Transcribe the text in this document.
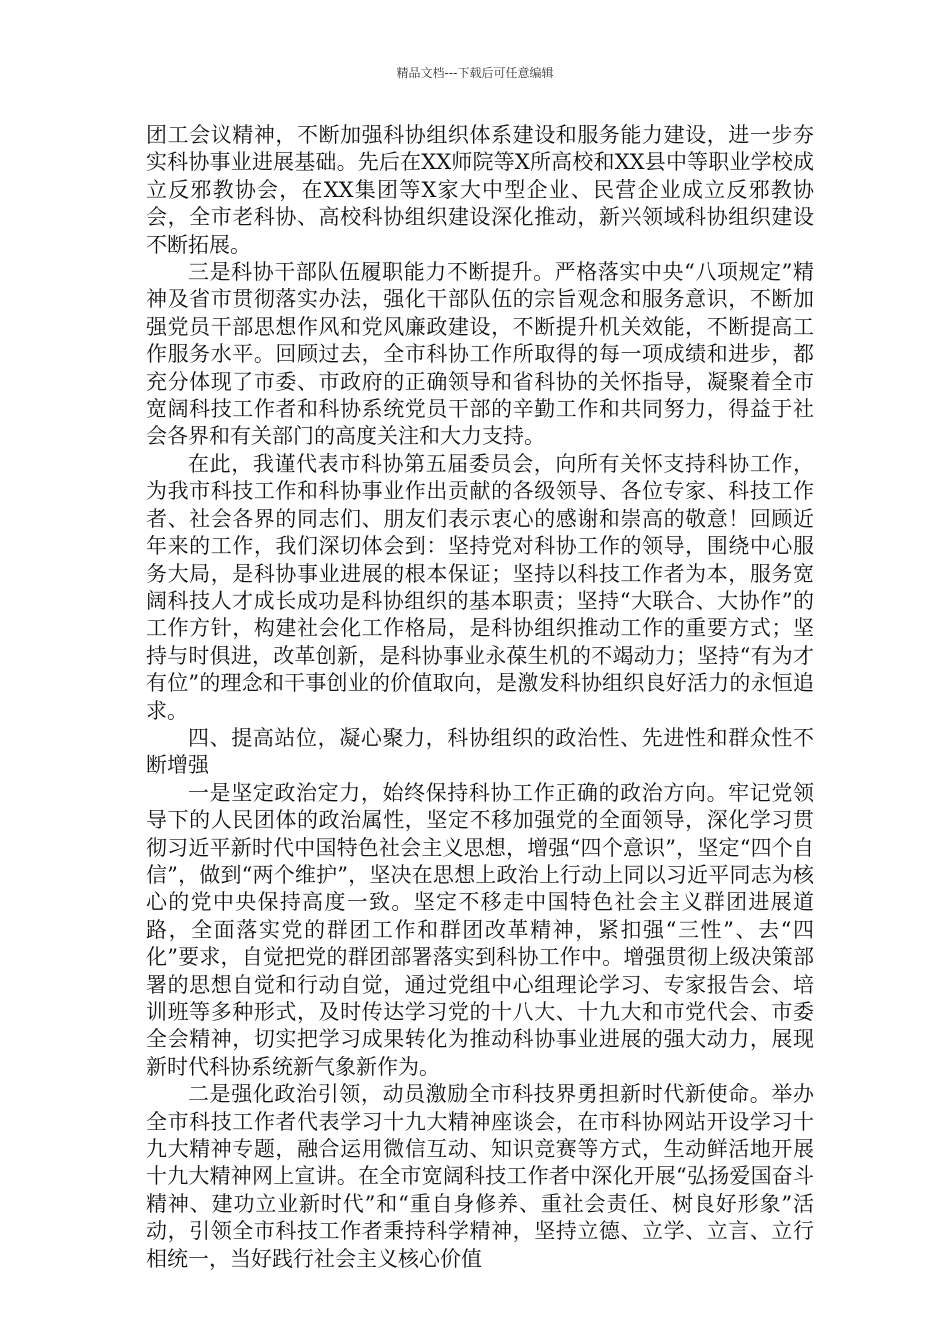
精品文档---下载后可任意编辑

团工会议精神，不断加强科协组织体系建设和服务能力建设，进一步夯实科协事业进展基础。先后在XX师院等X所高校和XX县中等职业学校成立反邪教协会，在XX集团等X家大中型企业、民营企业成立反邪教协会，全市老科协、高校科协组织建设深化推动，新兴领域科协组织建设不断拓展。

三是科协干部队伍履职能力不断提升。严格落实中央“八项规定”精神及省市贯彻落实办法，强化干部队伍的宗旨观念和服务意识，不断加强党员干部思想作风和党风廉政建设，不断提升机关效能，不断提高工作服务水平。回顾过去，全市科协工作所取得的每一项成绩和进步，都充分体现了市委、市政府的正确领导和省科协的关怀指导，凝聚着全市宽阔科技工作者和科协系统党员干部的辛勤工作和共同努力，得益于社会各界和有关部门的高度关注和大力支持。

在此，我谨代表市科协第五届委员会，向所有关怀支持科协工作，为我市科技工作和科协事业作出贡献的各级领导、各位专家、科技工作者、社会各界的同志们、朋友们表示衷心的感谢和崇高的敬意！回顾近年来的工作，我们深切体会到：坚持党对科协工作的领导，围绕中心服务大局，是科协事业进展的根本保证；坚持以科技工作者为本，服务宽阔科技人才成长成功是科协组织的基本职责；坚持“大联合、大协作”的工作方针，构建社会化工作格局，是科协组织推动工作的重要方式；坚持与时俱进，改革创新，是科协事业永葆生机的不竭动力；坚持“有为才有位”的理念和干事创业的价值取向，是激发科协组织良好活力的永恒追求。

四、提高站位，凝心聚力，科协组织的政治性、先进性和群众性不断增强

一是坚定政治定力，始终保持科协工作正确的政治方向。牢记党领导下的人民团体的政治属性，坚定不移加强党的全面领导，深化学习贯彻习近平新时代中国特色社会主义思想，增强“四个意识”，坚定“四个自信”，做到“两个维护”，坚决在思想上政治上行动上同以习近平同志为核心的党中央保持高度一致。坚定不移走中国特色社会主义群团进展道路，全面落实党的群团工作和群团改革精神，紧扣强“三性”、去“四化”要求，自觉把党的群团部署落实到科协工作中。增强贯彻上级决策部署的思想自觉和行动自觉，通过党组中心组理论学习、专家报告会、培训班等多种形式，及时传达学习党的十八大、十九大和市党代会、市委全会精神，切实把学习成果转化为推动科协事业进展的强大动力，展现新时代科协系统新气象新作为。

二是强化政治引领，动员激励全市科技界勇担新时代新使命。举办全市科技工作者代表学习十九大精神座谈会，在市科协网站开设学习十九大精神专题，融合运用微信互动、知识竞赛等方式，生动鲜活地开展十九大精神网上宣讲。在全市宽阔科技工作者中深化开展“弘扬爱国奋斗精神、建功立业新时代”和“重自身修养、重社会责任、树良好形象”活动，引领全市科技工作者秉持科学精神，坚持立德、立学、立言、立行相统一，当好践行社会主义核心价值
